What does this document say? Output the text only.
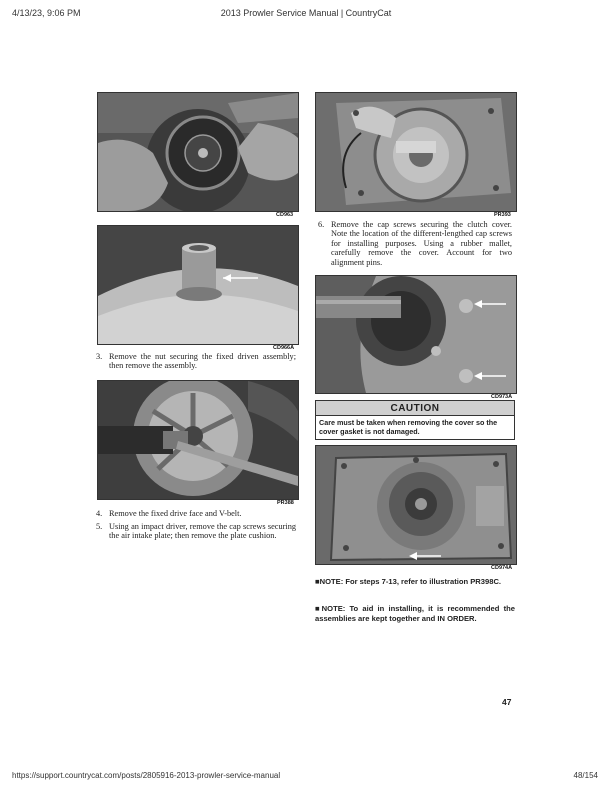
4/13/23, 9:06 PM	2013 Prowler Service Manual | CountryCat
CD963
CD966A
3. Remove the nut securing the fixed driven assembly; then remove the assembly.
PR388
4. Remove the fixed drive face and V-belt.
5. Using an impact driver, remove the cap screws securing the air intake plate; then remove the plate cushion.
PR393
6. Remove the cap screws securing the clutch cover. Note the location of the different-lengthed cap screws for installing purposes. Using a rubber mallet, carefully remove the cover. Account for two alignment pins.
CD973A
CAUTION
Care must be taken when removing the cover so the cover gasket is not damaged.
CD974A
■NOTE: For steps 7-13, refer to illustration PR398C.
■NOTE: To aid in installing, it is recommended the assemblies are kept together and IN ORDER.
47
https://support.countrycat.com/posts/2805916-2013-prowler-service-manual	48/154
